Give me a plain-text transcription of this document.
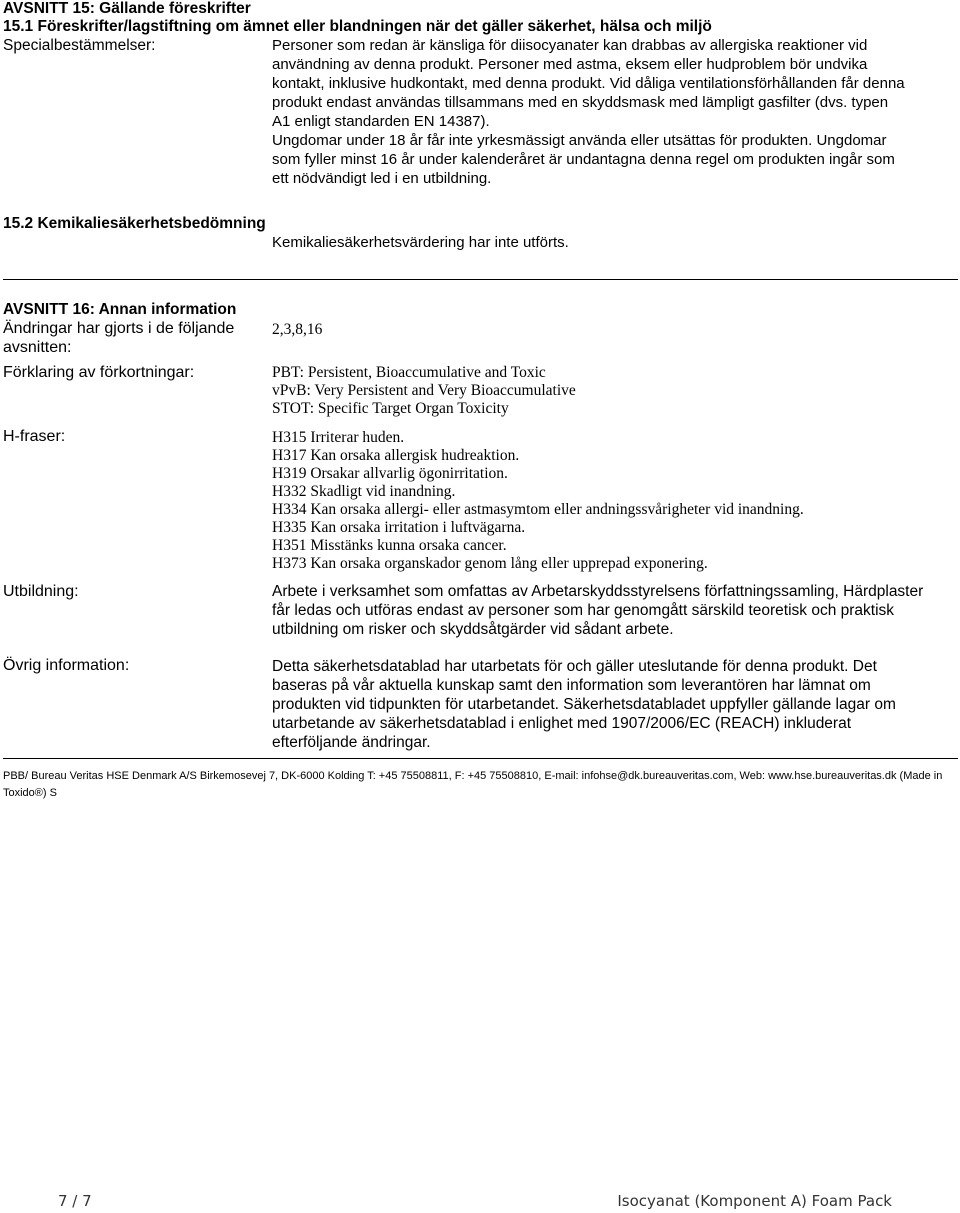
AVSNITT 15: Gällande föreskrifter
15.1 Föreskrifter/lagstiftning om ämnet eller blandningen när det gäller säkerhet, hälsa och miljö
Specialbestämmelser:	Personer som redan är känsliga för diisocyanater kan drabbas av allergiska reaktioner vid
användning av denna produkt. Personer med astma, eksem eller hudproblem bör undvika
kontakt, inklusive hudkontakt, med denna produkt. Vid dåliga ventilationsförhållanden får denna
produkt endast användas tillsammans med en skyddsmask med lämpligt gasfilter (dvs. typen
A1 enligt standarden EN 14387).
Ungdomar under 18 år får inte yrkesmässigt använda eller utsättas för produkten. Ungdomar
som fyller minst 16 år under kalenderåret är undantagna denna regel om produkten ingår som
ett nödvändigt led i en utbildning.
15.2 Kemikaliesäkerhetsbedömning
Kemikaliesäkerhetsvärdering har inte utförts.
AVSNITT 16: Annan information
Ändringar har gjorts i de följande
avsnitten:
2,3,8,16
Förklaring av förkortningar:	PBT: Persistent, Bioaccumulative and Toxic
vPvB: Very Persistent and Very Bioaccumulative
STOT: Specific Target Organ Toxicity
H-fraser:	H315 Irriterar huden.
H317 Kan orsaka allergisk hudreaktion.
H319 Orsakar allvarlig ögonirritation.
H332 Skadligt vid inandning.
H334 Kan orsaka allergi- eller astmasymtom eller andningssvårigheter vid inandning.
H335 Kan orsaka irritation i luftvägarna.
H351 Misstänks kunna orsaka cancer.
H373 Kan orsaka organskador genom lång eller upprepad exponering.
Utbildning:	Arbete i verksamhet som omfattas av Arbetarskyddsstyrelsens författningssamling, Härdplaster
får ledas och utföras endast av personer som har genomgått särskild teoretisk och praktisk
utbildning om risker och skyddsåtgärder vid sådant arbete.
Övrig information:	Detta säkerhetsdatablad har utarbetats för och gäller uteslutande för denna produkt. Det
baseras på vår aktuella kunskap samt den information som leverantören har lämnat om
produkten vid tidpunkten för utarbetandet. Säkerhetsdatabladet uppfyller gällande lagar om
utarbetande av säkerhetsdatablad i enlighet med 1907/2006/EC (REACH) inkluderat
efterföljande ändringar.
PBB/ Bureau Veritas HSE Denmark A/S Birkemosevej 7, DK-6000 Kolding T: +45 75508811, F: +45 75508810, E-mail: infohse@dk.bureauveritas.com, Web: www.hse.bureauveritas.dk (Made in
Toxido®) S
7 / 7	Isocyanat (Komponent A) Foam Pack
